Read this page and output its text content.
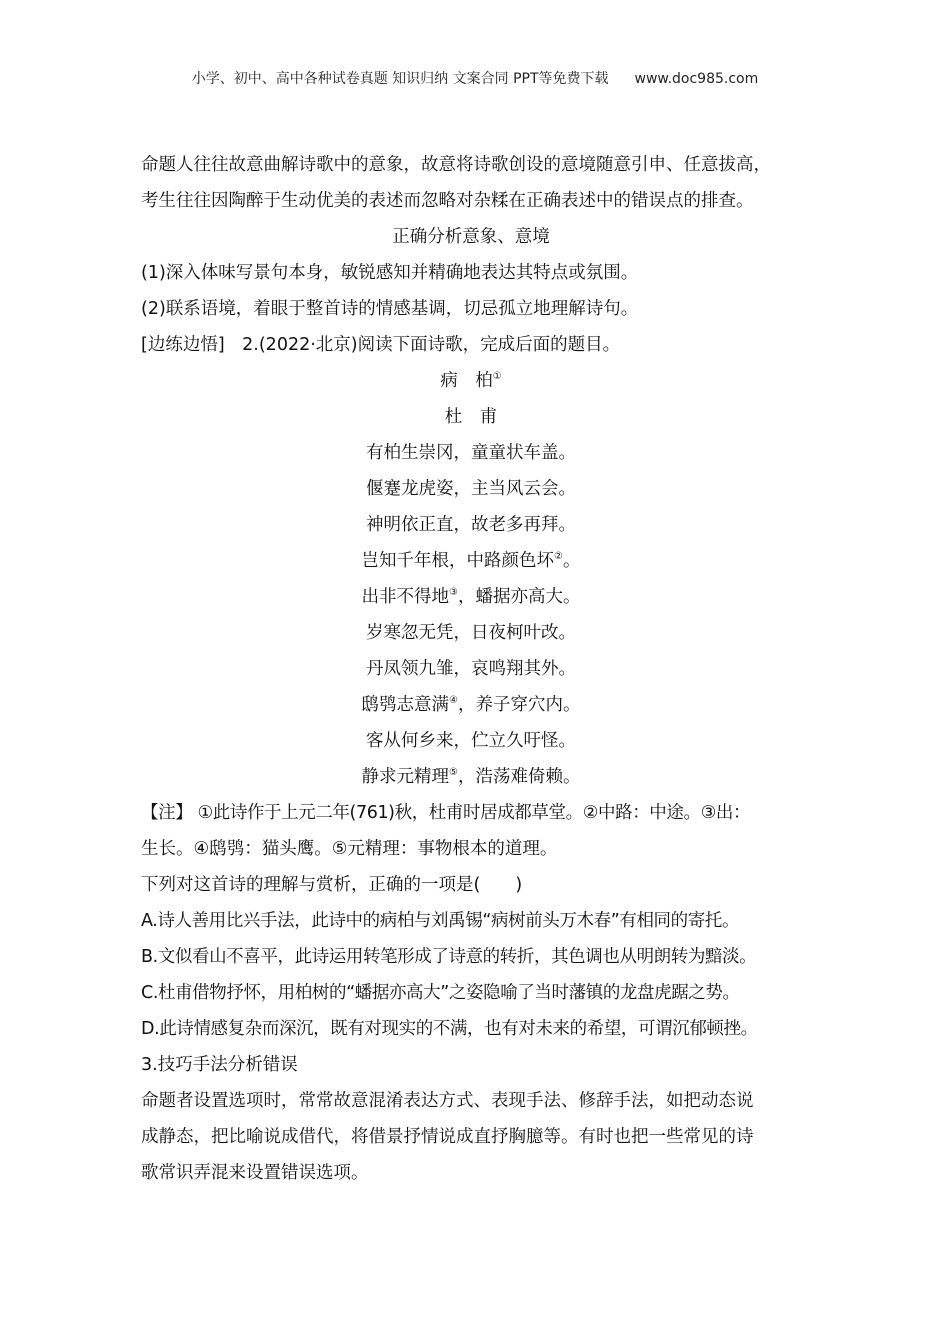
小学、初中、高中各种试卷真题 知识归纳 文案合同 PPT等免费下载 www.doc985.com
命题人往往故意曲解诗歌中的意象，故意将诗歌创设的意境随意引申、任意拔高，
考生往往因陶醉于生动优美的表述而忽略对杂糅在正确表述中的错误点的排查。
正确分析意象、意境
(1)深入体味写景句本身，敏锐感知并精确地表达其特点或氛围。
(2)联系语境，着眼于整首诗的情感基调，切忌孤立地理解诗句。
[边练边悟]　2.(2022·北京)阅读下面诗歌，完成后面的题目。
病　柏①
杜　甫
有柏生崇冈，童童状车盖。
偃蹇龙虎姿，主当风云会。
神明依正直，故老多再拜。
岂知千年根，中路颜色坏②。
出非不得地③，蟠据亦高大。
岁寒忽无凭，日夜柯叶改。
丹凤领九雏，哀鸣翔其外。
鸱鸮志意满④，养子穿穴内。
客从何乡来，伫立久吁怪。
静求元精理⑤，浩荡难倚赖。
【注】 ①此诗作于上元二年(761)秋，杜甫时居成都草堂。②中路：中途。③出：
生长。④鸱鸮：猫头鹰。⑤元精理：事物根本的道理。
下列对这首诗的理解与赏析，正确的一项是(　　)
A.诗人善用比兴手法，此诗中的病柏与刘禹锡“病树前头万木春”有相同的寄托。
B.文似看山不喜平，此诗运用转笔形成了诗意的转折，其色调也从明朗转为黯淡。
C.杜甫借物抒怀，用柏树的“蟠据亦高大”之姿隐喻了当时藩镇的龙盘虎踞之势。
D.此诗情感复杂而深沉，既有对现实的不满，也有对未来的希望，可谓沉郁顿挫。
3.技巧手法分析错误
命题者设置选项时，常常故意混淆表达方式、表现手法、修辞手法，如把动态说
成静态，把比喻说成借代，将借景抒情说成直抒胸臆等。有时也把一些常见的诗
歌常识弄混来设置错误选项。
